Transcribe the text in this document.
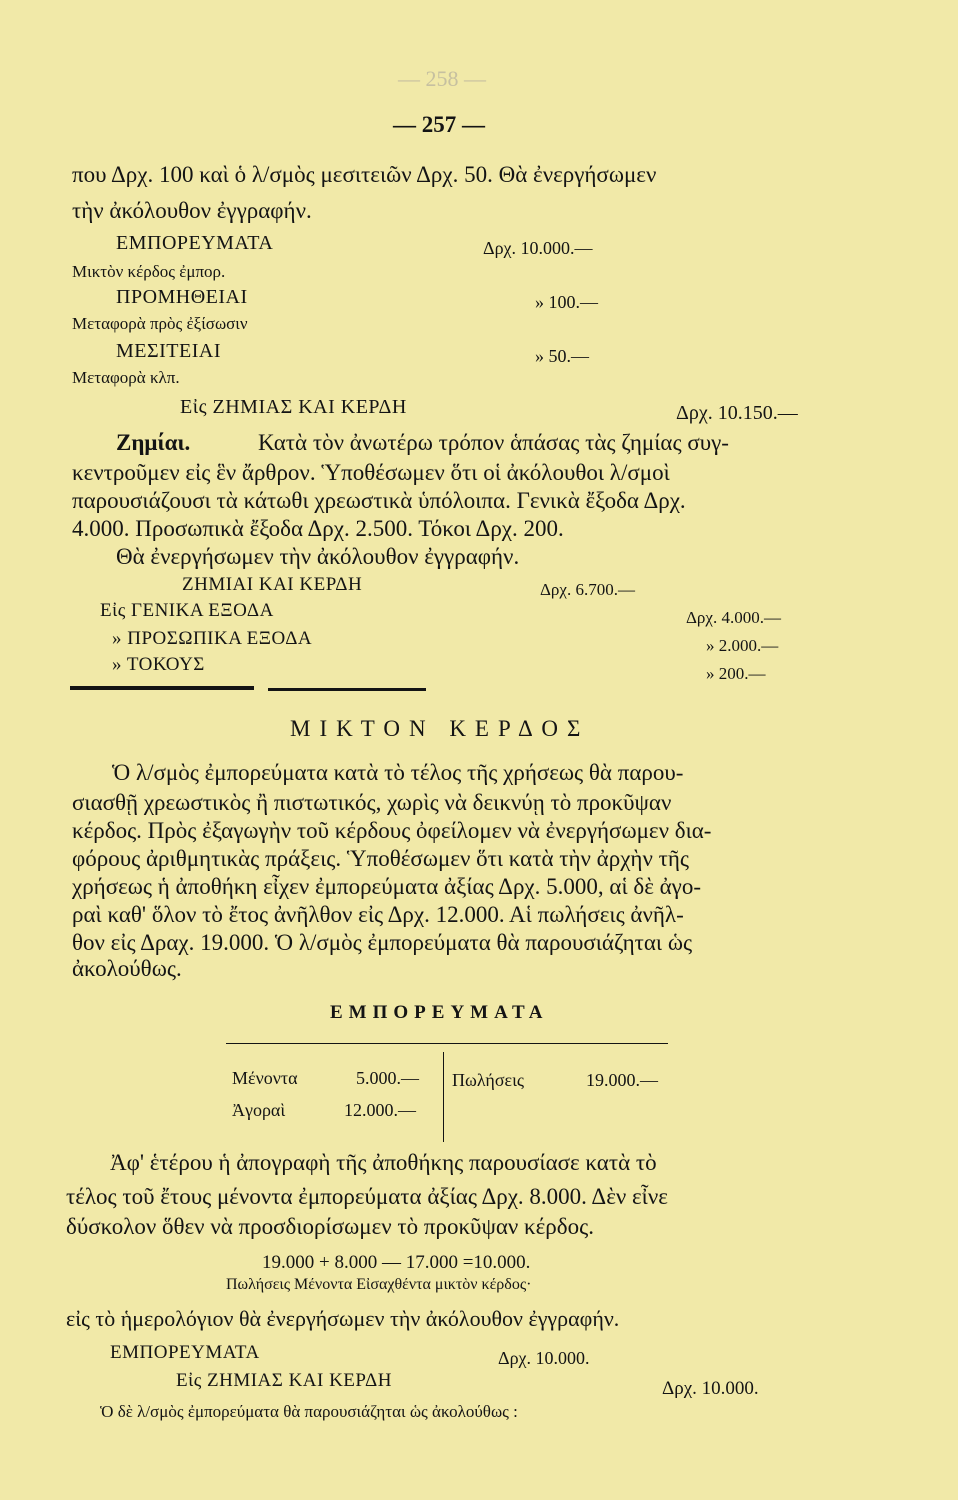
— 258 —
— 257 —
που Δρχ. 100 καὶ ὁ λ/σμὸς μεσιτειῶν Δρχ. 50. Θὰ ἐνεργήσωμεν
τὴν ἀκόλουθον ἐγγραφήν.
ΕΜΠΟΡΕΥΜΑΤΑ	Δρχ. 10.000.—
Μικτὸν κέρδος ἐμπορ.
ΠΡΟΜΗΘΕΙΑΙ	» 100.—
Μεταφορὰ πρὸς ἐξίσωσιν
ΜΕΣΙΤΕΙΑΙ	» 50.—
Μεταφορὰ κλπ.
Εἰς ΖΗΜΙΑΣ ΚΑΙ ΚΕΡΔΗ	Δρχ. 10.150.—
Ζημίαι.	Κατὰ τὸν ἀνωτέρω τρόπον ἁπάσας τὰς ζημίας συγ-
κεντροῦμεν εἰς ἓν ἄρθρον. Ὑποθέσωμεν ὅτι οἱ ἀκόλουθοι λ/σμοὶ
παρουσιάζουσι τὰ κάτωθι χρεωστικὰ ὑπόλοιπα. Γενικὰ ἔξοδα Δρχ.
4.000. Προσωπικὰ ἔξοδα Δρχ. 2.500. Τόκοι Δρχ. 200.
Θὰ ἐνεργήσωμεν τὴν ἀκόλουθον ἐγγραφήν.
ΖΗΜΙΑΙ ΚΑΙ ΚΕΡΔΗ	Δρχ. 6.700.—
Εἰς ΓΕΝΙΚΑ ΕΞΟΔΑ	Δρχ. 4.000.—
» ΠΡΟΣΩΠΙΚΑ ΕΞΟΔΑ	» 2.000.—
» ΤΟΚΟΥΣ	» 200.—
ΜΙΚΤΟΝ ΚΕΡΔΟΣ
Ὁ λ/σμὸς ἐμπορεύματα κατὰ τὸ τέλος τῆς χρήσεως θὰ παρου-
σιασθῇ χρεωστικὸς ἢ πιστωτικός, χωρὶς νὰ δεικνύῃ τὸ προκῦψαν
κέρδος. Πρὸς ἐξαγωγὴν τοῦ κέρδους ὀφείλομεν νὰ ἐνεργήσωμεν δια-
φόρους ἀριθμητικὰς πράξεις. Ὑποθέσωμεν ὅτι κατὰ τὴν ἀρχὴν τῆς
χρήσεως ἡ ἀποθήκη εἶχεν ἐμπορεύματα ἀξίας Δρχ. 5.000, αἱ δὲ ἀγο-
ραὶ καθ' ὅλον τὸ ἔτος ἀνῆλθον εἰς Δρχ. 12.000. Αἱ πωλήσεις ἀνῆλ-
θον εἰς Δραχ. 19.000. Ὁ λ/σμὸς ἐμπορεύματα θὰ παρουσιάζηται ὡς
ἀκολούθως.
ΕΜΠΟΡΕΥΜΑΤΑ
Μένοντα	5.000.—
Ἀγοραὶ	12.000.—
Πωλήσεις	19.000.—
Ἀφ' ἑτέρου ἡ ἀπογραφὴ τῆς ἀποθήκης παρουσίασε κατὰ τὸ
τέλος τοῦ ἔτους μένοντα ἐμπορεύματα ἀξίας Δρχ. 8.000. Δὲν εἶνε
δύσκολον ὅθεν νὰ προσδιορίσωμεν τὸ προκῦψαν κέρδος.
19.000 + 8.000 — 17.000 =10.000.
Πωλήσεις Μένοντα Εἰσαχθέντα μικτὸν κέρδος·
εἰς τὸ ἡμερολόγιον θὰ ἐνεργήσωμεν τὴν ἀκόλουθον ἐγγραφήν.
ΕΜΠΟΡΕΥΜΑΤΑ	Δρχ. 10.000.
Εἰς ΖΗΜΙΑΣ ΚΑΙ ΚΕΡΔΗ	Δρχ. 10.000.
Ὁ δὲ λ/σμὸς ἐμπορεύματα θὰ παρουσιάζηται ὡς ἀκολούθως :
